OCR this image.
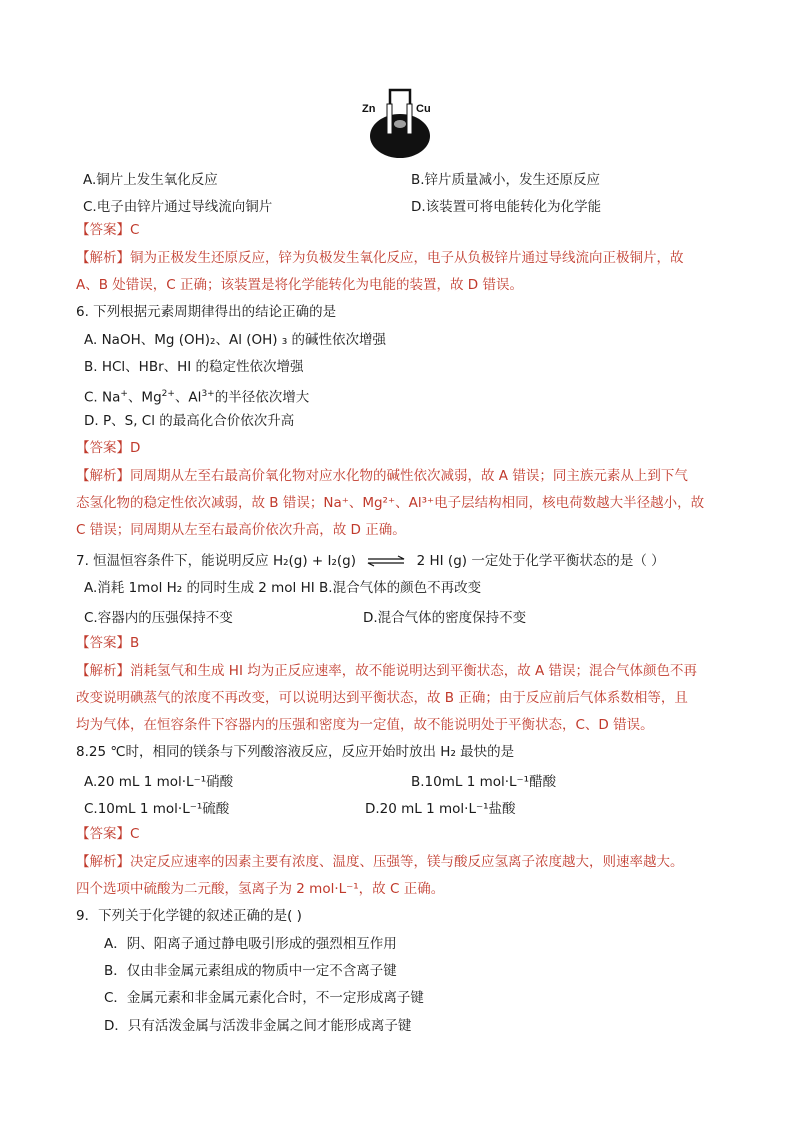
Zn	Cu
A.铜片上发生氧化反应	B.锌片质量减小，发生还原反应
C.电子由锌片通过导线流向铜片	D.该装置可将电能转化为化学能
【答案】C
【解析】铜为正极发生还原反应，锌为负极发生氧化反应，电子从负极锌片通过导线流向正极铜片，故
A、B 处错误，C 正确；该装置是将化学能转化为电能的装置，故 D 错误。
6. 下列根据元素周期律得出的结论正确的是
A. NaOH、Mg (OH)₂、Al (OH) ₃ 的碱性依次增强
B. HCl、HBr、HI 的稳定性依次增强
C. Na+、$Mg^{2+}$、$Al^{3+}$的半径依次增大
D. P、S, Cl 的最高化合价依次升高
【答案】D
【解析】同周期从左至右最高价氧化物对应水化物的碱性依次减弱，故 A 错误；同主族元素从上到下气
态氢化物的稳定性依次减弱，故 B 错误；Na⁺、Mg²⁺、Al³⁺电子层结构相同，核电荷数越大半径越小，故
C 错误；同周期从左至右最高价依次升高，故 D 正确。
7. 恒温恒容条件下，能说明反应 H₂(g) + I₂(g) ⇌ 2 HI (g) 一定处于化学平衡状态的是（ ）
A.消耗 1mol H₂ 的同时生成 2 mol HI B.混合气体的颜色不再改变
C.容器内的压强保持不变	D.混合气体的密度保持不变
【答案】B
【解析】消耗氢气和生成 HI 均为正反应速率，故不能说明达到平衡状态，故 A 错误；混合气体颜色不再
改变说明碘蒸气的浓度不再改变，可以说明达到平衡状态，故 B 正确；由于反应前后气体系数相等，且
均为气体，在恒容条件下容器内的压强和密度为一定值，故不能说明处于平衡状态，C、D 错误。
8.25 ℃时，相同的镁条与下列酸溶液反应，反应开始时放出 H₂ 最快的是
A.20 mL 1 mol·L⁻¹硝酸	B.10mL 1 mol·L⁻¹醋酸
C.10mL 1 mol·L⁻¹硫酸	D.20 mL 1 mol·L⁻¹盐酸
【答案】C
【解析】决定反应速率的因素主要有浓度、温度、压强等，镁与酸反应氢离子浓度越大，则速率越大。
四个选项中硫酸为二元酸，氢离子为 2 mol·L⁻¹，故 C 正确。
9．下列关于化学键的叙述正确的是( )
A．阴、阳离子通过静电吸引形成的强烈相互作用
B．仅由非金属元素组成的物质中一定不含离子键
C．金属元素和非金属元素化合时，不一定形成离子键
D．只有活泼金属与活泼非金属之间才能形成离子键
